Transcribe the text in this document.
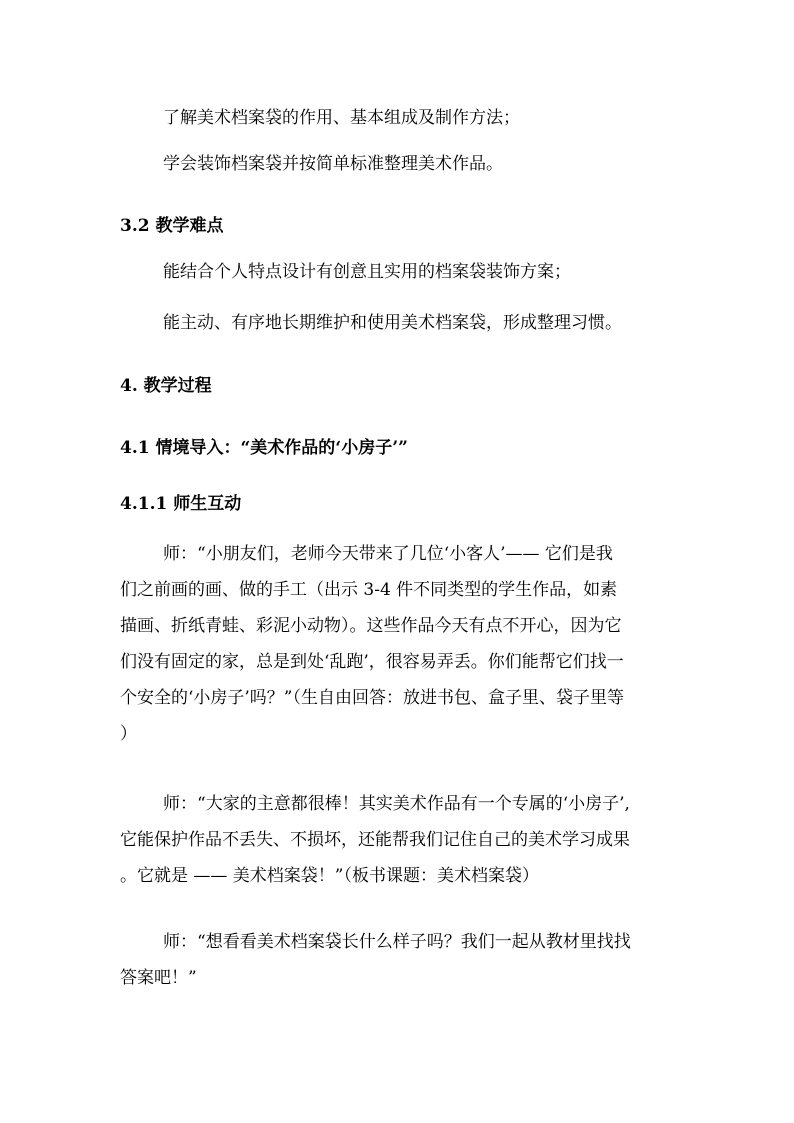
了解美术档案袋的作用、基本组成及制作方法；
学会装饰档案袋并按简单标准整理美术作品。
3.2 教学难点
能结合个人特点设计有创意且实用的档案袋装饰方案；
能主动、有序地长期维护和使用美术档案袋，形成整理习惯。
4. 教学过程
4.1 情境导入：“美术作品的‘小房子’”
4.1.1 师生互动
师：“小朋友们，老师今天带来了几位‘小客人’—— 它们是我
们之前画的画、做的手工（出示 3-4 件不同类型的学生作品，如素
描画、折纸青蛙、彩泥小动物）。这些作品今天有点不开心，因为它
们没有固定的家，总是到处‘乱跑’，很容易弄丢。你们能帮它们找一
个安全的‘小房子’吗？”（生自由回答：放进书包、盒子里、袋子里等
）
师：“大家的主意都很棒！其实美术作品有一个专属的‘小房子’,
它能保护作品不丢失、不损坏，还能帮我们记住自己的美术学习成果
。它就是 —— 美术档案袋！”（板书课题：美术档案袋）
师：“想看看美术档案袋长什么样子吗？我们一起从教材里找找
答案吧！”
